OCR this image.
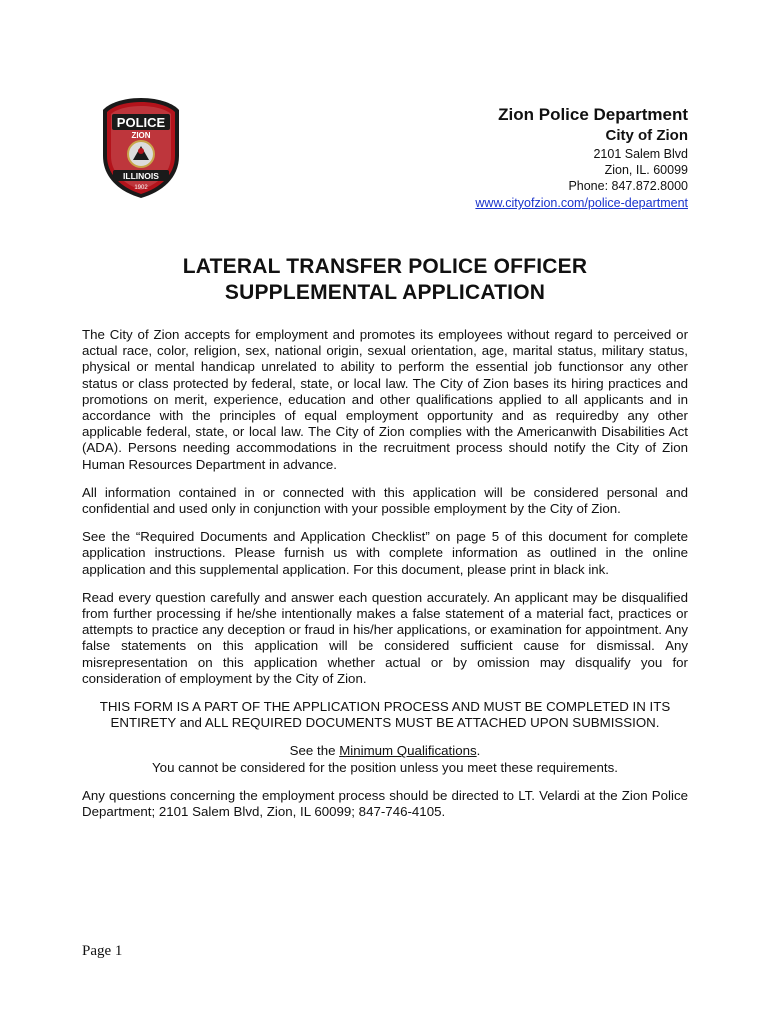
POLICE
ZION
ILLINOIS
1902
Zion Police Department
City of Zion
2101 Salem Blvd
Zion, IL. 60099
Phone: 847.872.8000
www.cityofzion.com/police-department
LATERAL TRANSFER POLICE OFFICER
SUPPLEMENTAL APPLICATION

The City of Zion accepts for employment and promotes its employees without regard to perceived or actual race, color, religion, sex, national origin, sexual orientation, age, marital status, military status, physical or mental handicap unrelated to ability to perform the essential job functionsor any other status or class protected by federal, state, or local law. The City of Zion bases its hiring practices and promotions on merit, experience, education and other qualifications applied to all applicants and in accordance with the principles of equal employment opportunity and as requiredby any other applicable federal, state, or local law. The City of Zion complies with the Americanwith Disabilities Act (ADA). Persons needing accommodations in the recruitment process should notify the City of Zion Human Resources Department in advance.

All information contained in or connected with this application will be considered personal and confidential and used only in conjunction with your possible employment by the City of Zion.

See the “Required Documents and Application Checklist” on page 5 of this document for complete application instructions. Please furnish us with complete information as outlined in the online application and this supplemental application. For this document, please print in black ink.

Read every question carefully and answer each question accurately. An applicant may be disqualified from further processing if he/she intentionally makes a false statement of a material fact, practices or attempts to practice any deception or fraud in his/her applications, or examination for appointment. Any false statements on this application will be considered sufficient cause for dismissal. Any misrepresentation on this application whether actual or by omission may disqualify you for consideration of employment by the City of Zion.

THIS FORM IS A PART OF THE APPLICATION PROCESS AND MUST BE COMPLETED IN ITS
ENTIRETY and ALL REQUIRED DOCUMENTS MUST BE ATTACHED UPON SUBMISSION.
See the Minimum Qualifications.
You cannot be considered for the position unless you meet these requirements.

Any questions concerning the employment process should be directed to LT. Velardi at the Zion Police Department; 2101 Salem Blvd, Zion, IL 60099; 847-746-4105.

Page 1
